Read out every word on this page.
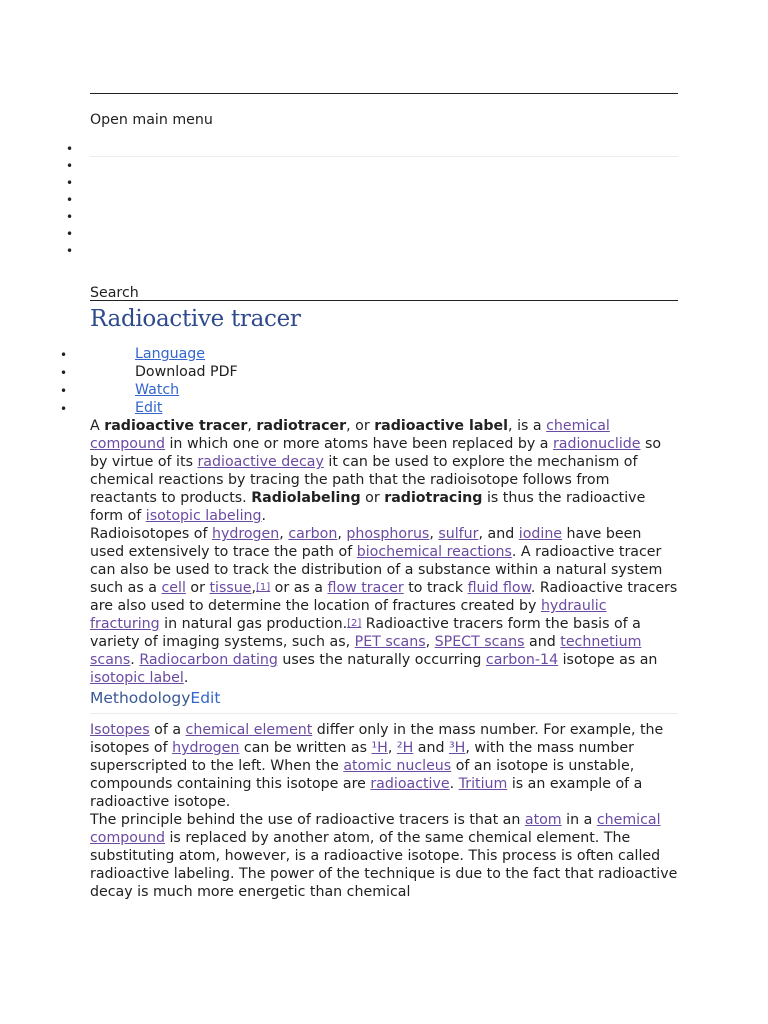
Open main menu
•
•
•
•
•
•
•
Search
Radioactive tracer
• Language
• Download PDF
• Watch
• Edit

A radioactive tracer, radiotracer, or radioactive label, is a chemical compound in which one or more atoms have been replaced by a radionuclide so by virtue of its radioactive decay it can be used to explore the mechanism of chemical reactions by tracing the path that the radioisotope follows from reactants to products. Radiolabeling or radiotracing is thus the radioactive form of isotopic labeling.

Radioisotopes of hydrogen, carbon, phosphorus, sulfur, and iodine have been used extensively to trace the path of biochemical reactions. A radioactive tracer can also be used to track the distribution of a substance within a natural system such as a cell or tissue,[1] or as a flow tracer to track fluid flow. Radioactive tracers are also used to determine the location of fractures created by hydraulic fracturing in natural gas production.[2] Radioactive tracers form the basis of a variety of imaging systems, such as, PET scans, SPECT scans and technetium scans. Radiocarbon dating uses the naturally occurring carbon-14 isotope as an isotopic label.

MethodologyEdit

Isotopes of a chemical element differ only in the mass number. For example, the isotopes of hydrogen can be written as ¹H, ²H and ³H, with the mass number superscripted to the left. When the atomic nucleus of an isotope is unstable, compounds containing this isotope are radioactive. Tritium is an example of a radioactive isotope.

The principle behind the use of radioactive tracers is that an atom in a chemical compound is replaced by another atom, of the same chemical element. The substituting atom, however, is a radioactive isotope. This process is often called radioactive labeling. The power of the technique is due to the fact that radioactive decay is much more energetic than chemical
